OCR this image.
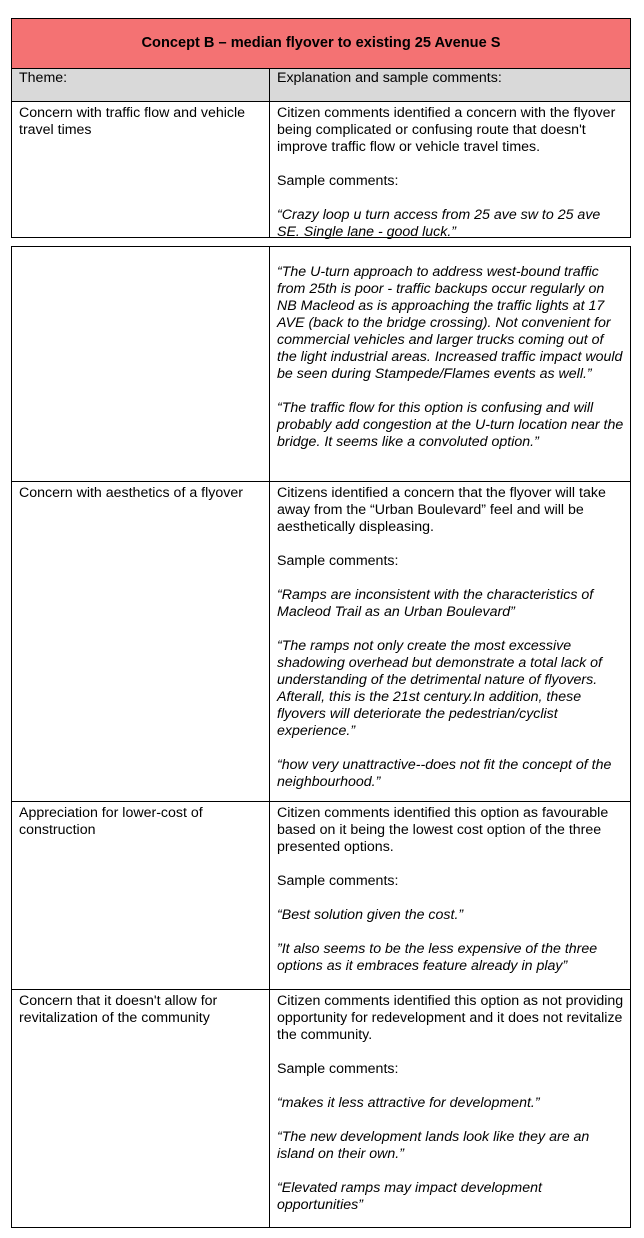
Concept B – median flyover to existing 25 Avenue S
Theme:	Explanation and sample comments:
Concern with traffic flow and vehicle travel times

Citizen comments identified a concern with the flyover being complicated or confusing route that doesn't improve traffic flow or vehicle travel times.

Sample comments:

“Crazy loop u turn access from 25 ave sw to 25 ave SE. Single lane - good luck.”

“The U-turn approach to address west-bound traffic from 25th is poor - traffic backups occur regularly on NB Macleod as is approaching the traffic lights at 17 AVE (back to the bridge crossing). Not convenient for commercial vehicles and larger trucks coming out of the light industrial areas. Increased traffic impact would be seen during Stampede/Flames events as well.”

“The traffic flow for this option is confusing and will probably add congestion at the U-turn location near the bridge. It seems like a convoluted option.”

Concern with aesthetics of a flyover	Citizens identified a concern that the flyover will take away from the “Urban Boulevard” feel and will be aesthetically displeasing.

Sample comments:

“Ramps are inconsistent with the characteristics of Macleod Trail as an Urban Boulevard”

“The ramps not only create the most excessive shadowing overhead but demonstrate a total lack of understanding of the detrimental nature of flyovers. Afterall, this is the 21st century.In addition, these flyovers will deteriorate the pedestrian/cyclist experience.”

“how very unattractive--does not fit the concept of the neighbourhood.”

Appreciation for lower-cost of construction

Citizen comments identified this option as favourable based on it being the lowest cost option of the three presented options.

Sample comments:

“Best solution given the cost.”

”It also seems to be the less expensive of the three options as it embraces feature already in play”

Concern that it doesn't allow for revitalization of the community

Citizen comments identified this option as not providing opportunity for redevelopment and it does not revitalize the community.

Sample comments:

“makes it less attractive for development.”

“The new development lands look like they are an island on their own.”

“Elevated ramps may impact development opportunities”
